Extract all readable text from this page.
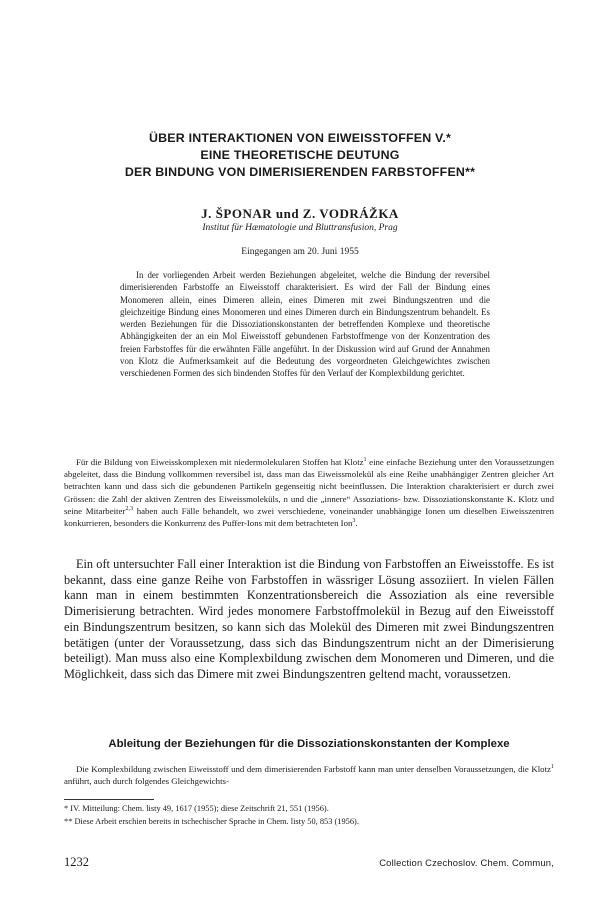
ÜBER INTERAKTIONEN VON EIWEISSTOFFEN V.*
EINE THEORETISCHE DEUTUNG
DER BINDUNG VON DIMERISIERENDEN FARBSTOFFEN**
J. ŠPONAR und Z. VODRÁŽKA
Institut für Hæmatologie und Bluttransfusion, Prag
Eingegangen am 20. Juni 1955

In der vorliegenden Arbeit werden Beziehungen abgeleitet, welche die Bindung der reversibel dimerisierenden Farbstoffe an Eiweisstoff charakterisiert. Es wird der Fall der Bindung eines Monomeren allein, eines Dimeren allein, eines Dimeren mit zwei Bindungszentren und die gleichzeitige Bindung eines Monomeren und eines Dimeren durch ein Bindungszentrum behandelt. Es werden Beziehungen für die Dissoziationskonstanten der betreffenden Komplexe und theoretische Abhängigkeiten der an ein Mol Eiweisstoff gebundenen Farbstoffmenge von der Konzentration des freien Farbstoffes für die erwähnten Fälle angeführt. In der Diskussion wird auf Grund der Annahmen von Klotz die Aufmerksamkeit auf die Bedeutung des vorgeordneten Gleichgewichtes zwischen verschiedenen Formen des sich bindenden Stoffes für den Verlauf der Komplexbildung gerichtet.

Für die Bildung von Eiweisskomplexen mit niedermolekularen Stoffen hat Klotz$^1$ eine einfache Beziehung unter den Voraussetzungen abgeleitet, dass die Bindung vollkommen reversibel ist, dass man das Eiweissmolekül als eine Reihe unabhängiger Zentren gleicher Art betrachten kann und dass sich die gebundenen Partikeln gegenseitig nicht beeinflussen. Die Interaktion charakterisiert er durch zwei Grössen: die Zahl der aktiven Zentren des Eiweissmoleküls, n und die „innere“ Assoziations- bzw. Dissoziationskonstante K. Klotz und seine Mitarbeiter$^{2,3}$ haben auch Fälle behandelt, wo zwei verschiedene, voneinander unabhängige Ionen um dieselben Eiweisszentren konkurrieren, besonders die Konkurrenz des Puffer-Ions mit dem betrachteten Ion$^3$.

Ein oft untersuchter Fall einer Interaktion ist die Bindung von Farbstoffen an Eiweisstoffe. Es ist bekannt, dass eine ganze Reihe von Farbstoffen in wässriger Lösung assoziiert. In vielen Fällen kann man in einem bestimmten Konzentrationsbereich die Assoziation als eine reversible Dimerisierung betrachten. Wird jedes monomere Farbstoffmolekül in Bezug auf den Eiweisstoff ein Bindungszentrum besitzen, so kann sich das Molekül des Dimeren mit zwei Bindungszentren betätigen (unter der Voraussetzung, dass sich das Bindungszentrum nicht an der Dimerisierung beteiligt). Man muss also eine Komplexbildung zwischen dem Monomeren und Dimeren, und die Möglichkeit, dass sich das Dimere mit zwei Bindungszentren geltend macht, voraussetzen.

Ableitung der Beziehungen für die Dissoziationskonstanten der Komplexe

Die Komplexbildung zwischen Eiweisstoff und dem dimerisierenden Farbstoff kann man unter denselben Voraussetzungen, die Klotz$^1$ anführt, auch durch folgendes Gleichgewichts-

* IV. Mitteilung: Chem. listy 49, 1617 (1955); diese Zeitschrift 21, 551 (1956).
** Diese Arbeit erschien bereits in tschechischer Sprache in Chem. listy 50, 853 (1956).
1232	Collection Czechoslov. Chem. Commun,
